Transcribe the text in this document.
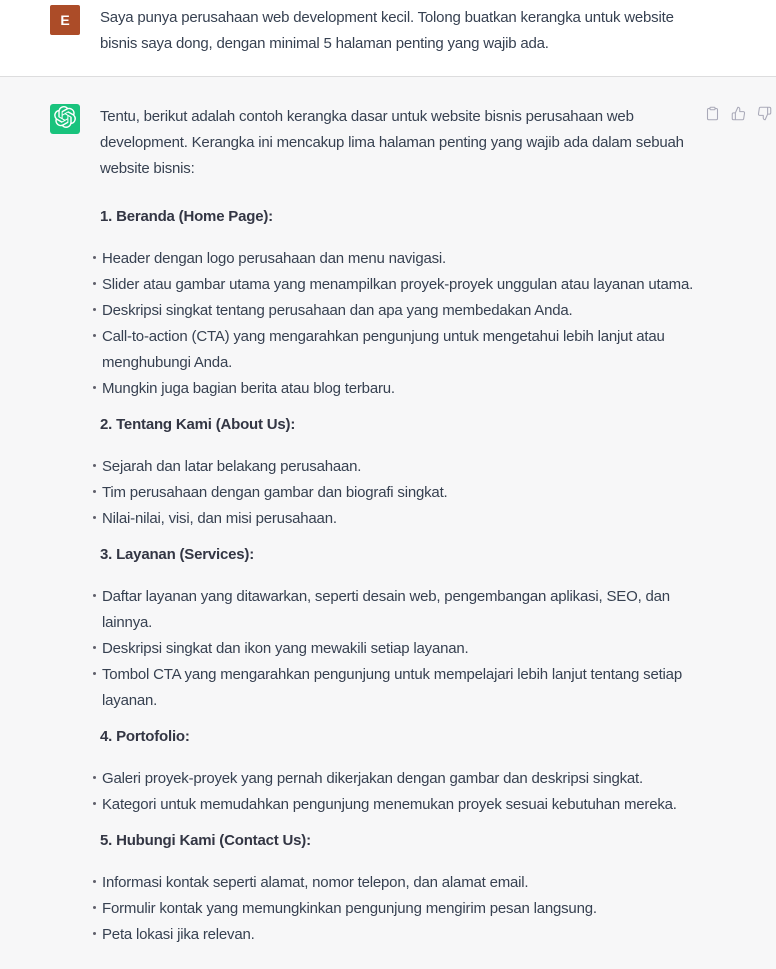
E	Saya punya perusahaan web development kecil. Tolong buatkan kerangka untuk website bisnis saya dong, dengan minimal 5 halaman penting yang wajib ada.

Tentu, berikut adalah contoh kerangka dasar untuk website bisnis perusahaan web development. Kerangka ini mencakup lima halaman penting yang wajib ada dalam sebuah website bisnis:

1. Beranda (Home Page):

Header dengan logo perusahaan dan menu navigasi.
Slider atau gambar utama yang menampilkan proyek-proyek unggulan atau layanan utama.
Deskripsi singkat tentang perusahaan dan apa yang membedakan Anda.
Call-to-action (CTA) yang mengarahkan pengunjung untuk mengetahui lebih lanjut atau menghubungi Anda.
Mungkin juga bagian berita atau blog terbaru.

2. Tentang Kami (About Us):

Sejarah dan latar belakang perusahaan.
Tim perusahaan dengan gambar dan biografi singkat.
Nilai-nilai, visi, dan misi perusahaan.

3. Layanan (Services):

Daftar layanan yang ditawarkan, seperti desain web, pengembangan aplikasi, SEO, dan lainnya.
Deskripsi singkat dan ikon yang mewakili setiap layanan.
Tombol CTA yang mengarahkan pengunjung untuk mempelajari lebih lanjut tentang setiap layanan.

4. Portofolio:

Galeri proyek-proyek yang pernah dikerjakan dengan gambar dan deskripsi singkat.
Kategori untuk memudahkan pengunjung menemukan proyek sesuai kebutuhan mereka.

5. Hubungi Kami (Contact Us):

Informasi kontak seperti alamat, nomor telepon, dan alamat email.
Formulir kontak yang memungkinkan pengunjung mengirim pesan langsung.
Peta lokasi jika relevan.
